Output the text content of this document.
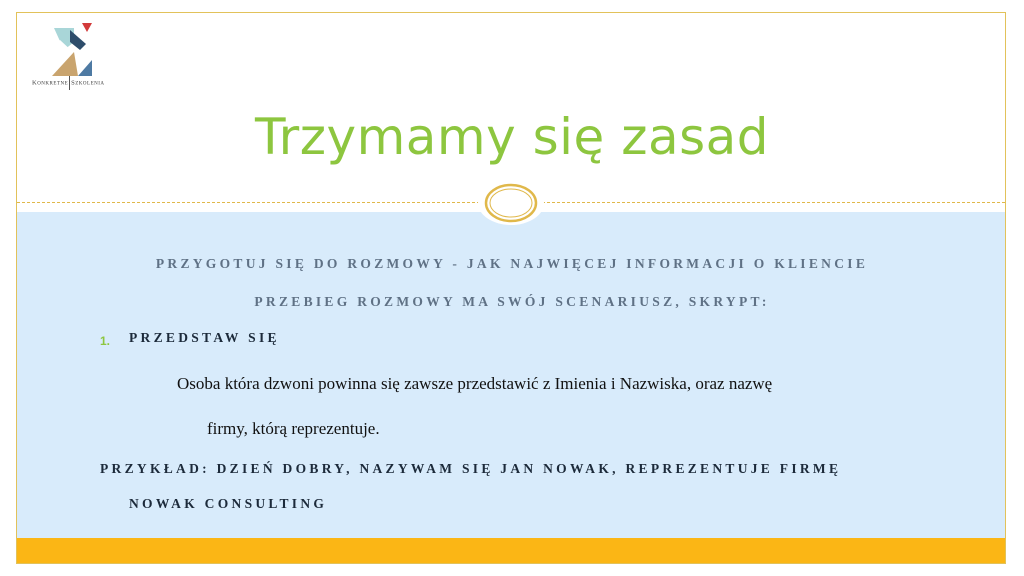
Konkretne Szkolenia
Trzymamy się zasad
PRZYGOTUJ SIĘ DO ROZMOWY - JAK NAJWIĘCEJ INFORMACJI O KLIENCIE
PRZEBIEG ROZMOWY MA SWÓJ SCENARIUSZ, SKRYPT:
1. PRZEDSTAW SIĘ
Osoba która dzwoni powinna się zawsze przedstawić z Imienia i Nazwiska, oraz nazwę
firmy, którą reprezentuje.
PRZYKŁAD: DZIEŃ DOBRY, NAZYWAM SIĘ JAN NOWAK, REPREZENTUJE FIRMĘ
NOWAK CONSULTING
